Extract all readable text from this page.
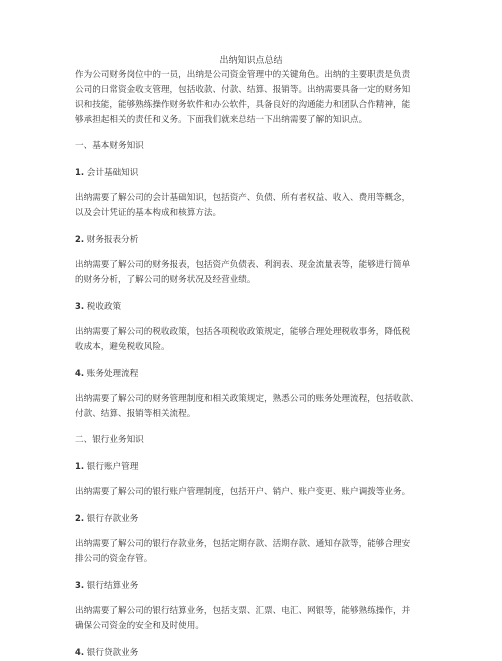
出纳知识点总结
作为公司财务岗位中的一员，出纳是公司资金管理中的关键角色。出纳的主要职责是负责
公司的日常资金收支管理，包括收款、付款、结算、报销等。出纳需要具备一定的财务知
识和技能，能够熟练操作财务软件和办公软件，具备良好的沟通能力和团队合作精神，能
够承担起相关的责任和义务。下面我们就来总结一下出纳需要了解的知识点。
一、基本财务知识
1. 会计基础知识
出纳需要了解公司的会计基础知识，包括资产、负债、所有者权益、收入、费用等概念，
以及会计凭证的基本构成和核算方法。
2. 财务报表分析
出纳需要了解公司的财务报表，包括资产负债表、利润表、现金流量表等，能够进行简单
的财务分析，了解公司的财务状况及经营业绩。
3. 税收政策
出纳需要了解公司的税收政策，包括各项税收政策规定，能够合理处理税收事务，降低税
收成本，避免税收风险。
4. 账务处理流程
出纳需要了解公司的财务管理制度和相关政策规定，熟悉公司的账务处理流程，包括收款、
付款、结算、报销等相关流程。
二、银行业务知识
1. 银行账户管理
出纳需要了解公司的银行账户管理制度，包括开户、销户、账户变更、账户调拨等业务。
2. 银行存款业务
出纳需要了解公司的银行存款业务，包括定期存款、活期存款、通知存款等，能够合理安
排公司的资金存管。
3. 银行结算业务
出纳需要了解公司的银行结算业务，包括支票、汇票、电汇、网银等，能够熟练操作，并
确保公司资金的安全和及时使用。
4. 银行贷款业务
